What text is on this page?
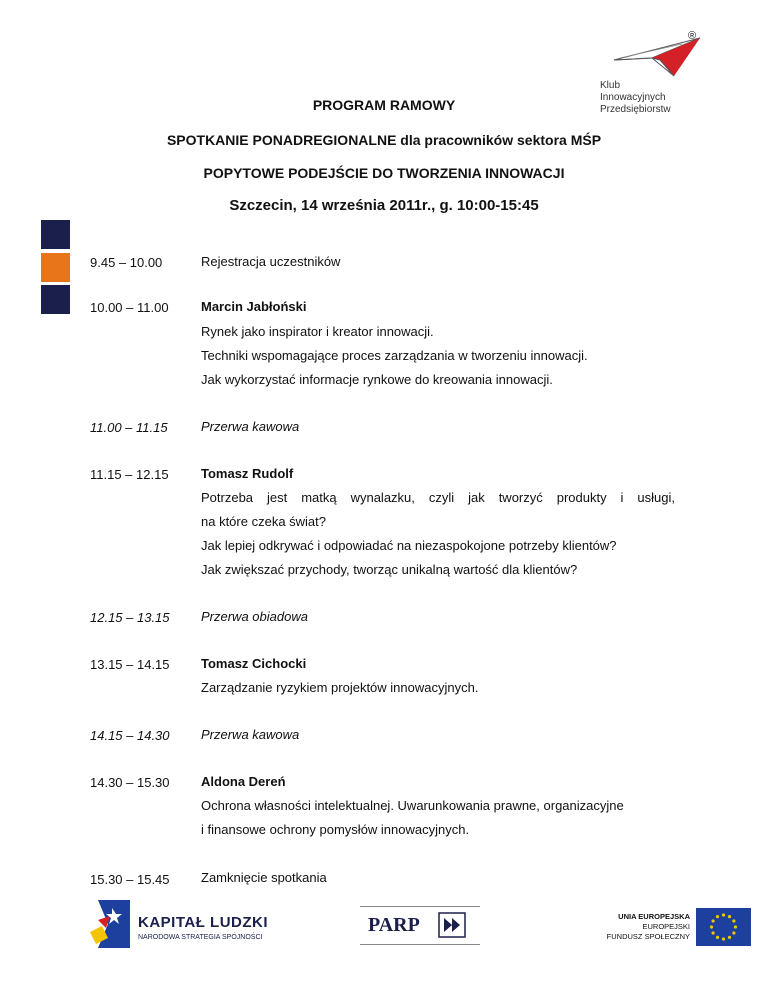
®
Klub
Innowacyjnych
Przedsiębiorstw
PROGRAM RAMOWY
SPOTKANIE PONADREGIONALNE dla pracowników sektora MŚP
POPYTOWE PODEJŚCIE DO TWORZENIA INNOWACJI
Szczecin, 14 września 2011r., g. 10:00-15:45
9.45 – 10.00	Rejestracja uczestników
10.00 – 11.00 Marcin Jabłoński
Rynek jako inspirator i kreator innowacji.
Techniki wspomagające proces zarządzania w tworzeniu innowacji.
Jak wykorzystać informacje rynkowe do kreowania innowacji.
11.00 – 11.15	Przerwa kawowa
11.15 – 12.15 Tomasz Rudolf
Potrzeba jest matką wynalazku, czyli jak tworzyć produkty i usługi,
na które czeka świat?
Jak lepiej odkrywać i odpowiadać na niezaspokojone potrzeby klientów?
Jak zwiększać przychody, tworząc unikalną wartość dla klientów?
12.15 – 13.15 Przerwa obiadowa
13.15 – 14.15 Tomasz Cichocki
Zarządzanie ryzykiem projektów innowacyjnych.
14.15 – 14.30 Przerwa kawowa
14.30 – 15.30 Aldona Dereń
Ochrona własności intelektualnej. Uwarunkowania prawne, organizacyjne
i finansowe ochrony pomysłów innowacyjnych.
15.30 – 15.45 Zamknięcie spotkania
KAPITAŁ LUDZKI
NARODOWA STRATEGIA SPÓJNOŚCI
PARP	UNIA EUROPEJSKA
EUROPEJSKI
FUNDUSZ SPOŁECZNY
